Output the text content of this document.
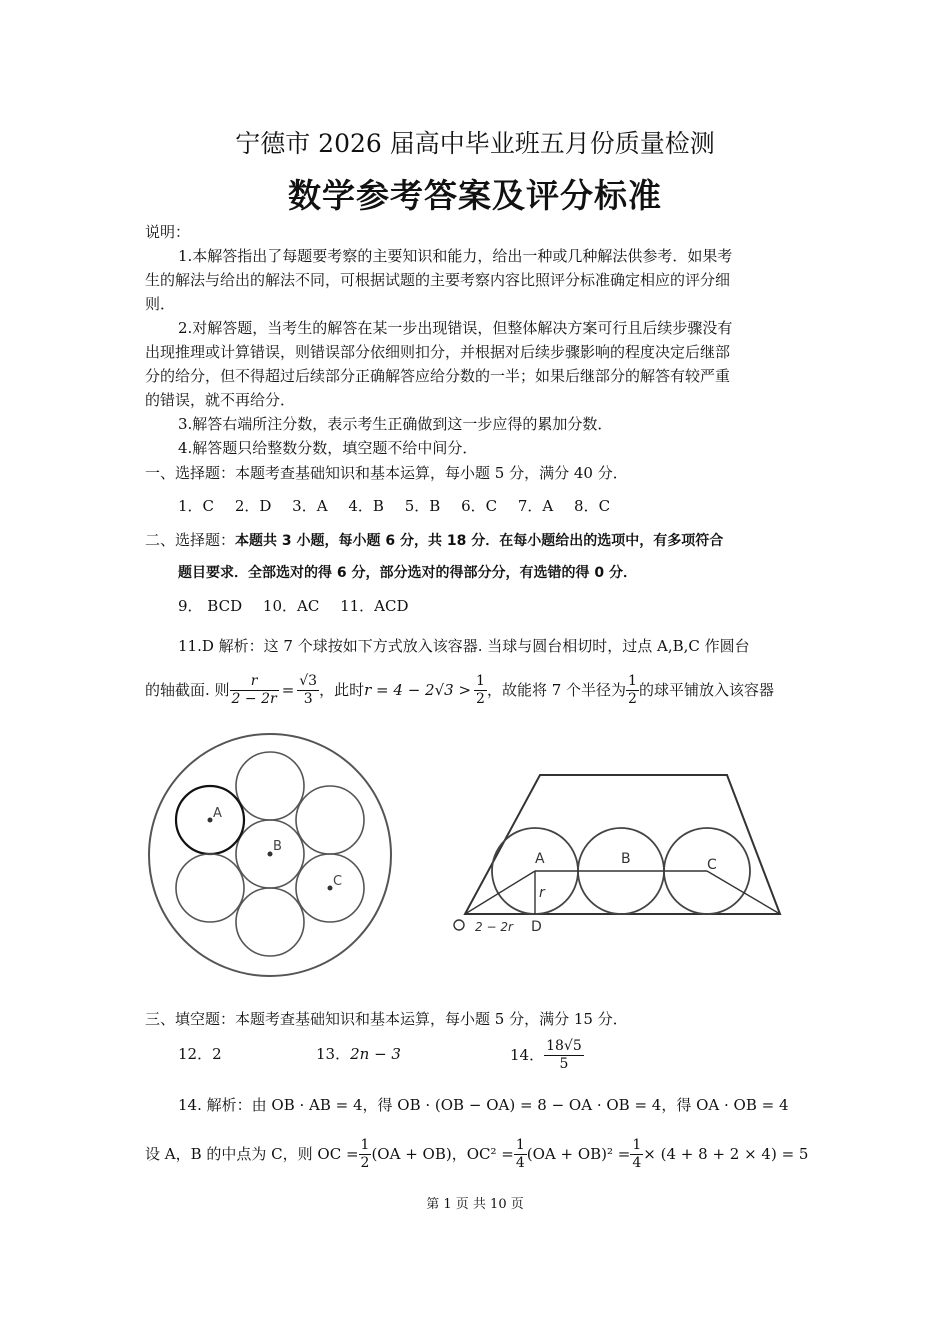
宁德市 2026 届高中毕业班五月份质量检测
数学参考答案及评分标准
说明：
1.本解答指出了每题要考察的主要知识和能力，给出一种或几种解法供参考．如果考
生的解法与给出的解法不同，可根据试题的主要考察内容比照评分标准确定相应的评分细
则．
2.对解答题，当考生的解答在某一步出现错误，但整体解决方案可行且后续步骤没有
出现推理或计算错误，则错误部分依细则扣分，并根据对后续步骤影响的程度决定后继部
分的给分，但不得超过后续部分正确解答应给分数的一半；如果后继部分的解答有较严重
的错误，就不再给分．
3.解答右端所注分数，表示考生正确做到这一步应得的累加分数．
4.解答题只给整数分数，填空题不给中间分．
一、选择题：本题考查基础知识和基本运算，每小题 5 分，满分 40 分．
1．C 2．D 3．A 4．B 5．B 6．C 7．A 8．C
二、选择题：本题共 3 小题，每小题 6 分，共 18 分．在每小题给出的选项中，有多项符合
题目要求．全部选对的得 6 分，部分选对的得部分分，有选错的得 0 分．
9． BCD 10．AC 11．ACD
11.D 解析：这 7 个球按如下方式放入该容器. 当球与圆台相切时，过点 A,B,C 作圆台
的轴截面. 则 $\frac{r}{2 - 2r} = \frac{√3}{3}$ ，此时 $r = 4 - 2√3 > \frac{1}{2}$ ，故能将 7 个半径为 $\frac{1}{2}$ 的球平铺放入该容器
A
B
C
A	B	C
r
2 − 2r D
三、填空题：本题考查基础知识和基本运算，每小题 5 分，满分 15 分．
12．2	13．2n − 3	14． $\frac{18√5}{5}$
14. 解析：由 OB · AB = 4，得 OB · (OB − OA) = 8 − OA · OB = 4，得 OA · OB = 4
设 A，B 的中点为 C，则 OC = $\frac{1}{2} (OA + OB)$，$OC^2 = \frac{1}{4} (OA + OB)^2 = \frac{1}{4} \times (4 + 8 + 2 \times 4) = 5$
第 1 页 共 10 页
